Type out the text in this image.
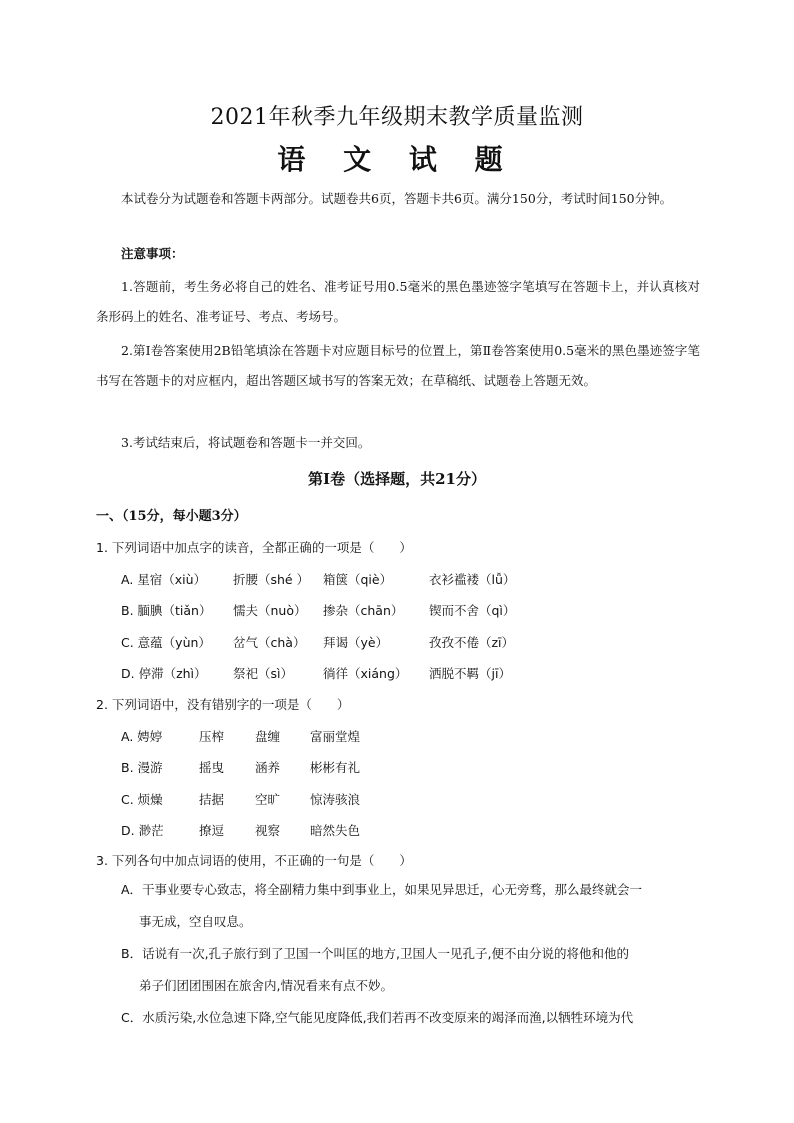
2021年秋季九年级期末教学质量监测
语 文 试 题
本试卷分为试题卷和答题卡两部分。试题卷共6页，答题卡共6页。满分150分，考试时间150分钟。
注意事项：
1.答题前，考生务必将自己的姓名、准考证号用0.5毫米的黑色墨迹签字笔填写在答题卡上，并认真核对条形码上的姓名、准考证号、考点、考场号。
2.第Ⅰ卷答案使用2B铅笔填涂在答题卡对应题目标号的位置上，第Ⅱ卷答案使用0.5毫米的黑色墨迹签字笔书写在答题卡的对应框内，超出答题区域书写的答案无效；在草稿纸、试题卷上答题无效。
3.考试结束后，将试题卷和答题卡一并交回。
第Ⅰ卷（选择题，共21分）
一、（15分，每小题3分）
1. 下列词语中加点字的读音，全都正确的一项是（　　）
A. 星宿（xiù） 折腰（shé ） 箱箧（qiè）	衣衫褴褛（lǚ）
B. 腼腆（tiǎn） 懦夫（nuò） 掺杂（chān） 锲而不舍（qì）
C. 意蕴（yùn） 岔气（chà） 拜谒（yè）	孜孜不倦（zī）
D. 停滞（zhì） 祭祀（sì） 徜徉（xiáng） 洒脱不羁（jī）
2. 下列词语中，没有错别字的一项是（　　）
A. 娉婷	压榨 盘缠 富丽堂煌
B. 漫游	摇曳 涵养 彬彬有礼
C. 烦燥	拮据 空旷 惊涛骇浪
D. 渺茫	撩逗 视察 暗然失色
3. 下列各句中加点词语的使用，不正确的一句是（　　）
A．干事业要专心致志，将全副精力集中到事业上，如果见异思迁，心无旁骛，那么最终就会一
事无成，空自叹息。
B．话说有一次,孔子旅行到了卫国一个叫匡的地方,卫国人一见孔子,便不由分说的将他和他的
弟子们团团围困在旅舍内,情况看来有点不妙。
C．水质污染,水位急速下降,空气能见度降低,我们若再不改变原来的竭泽而渔,以牺牲环境为代
